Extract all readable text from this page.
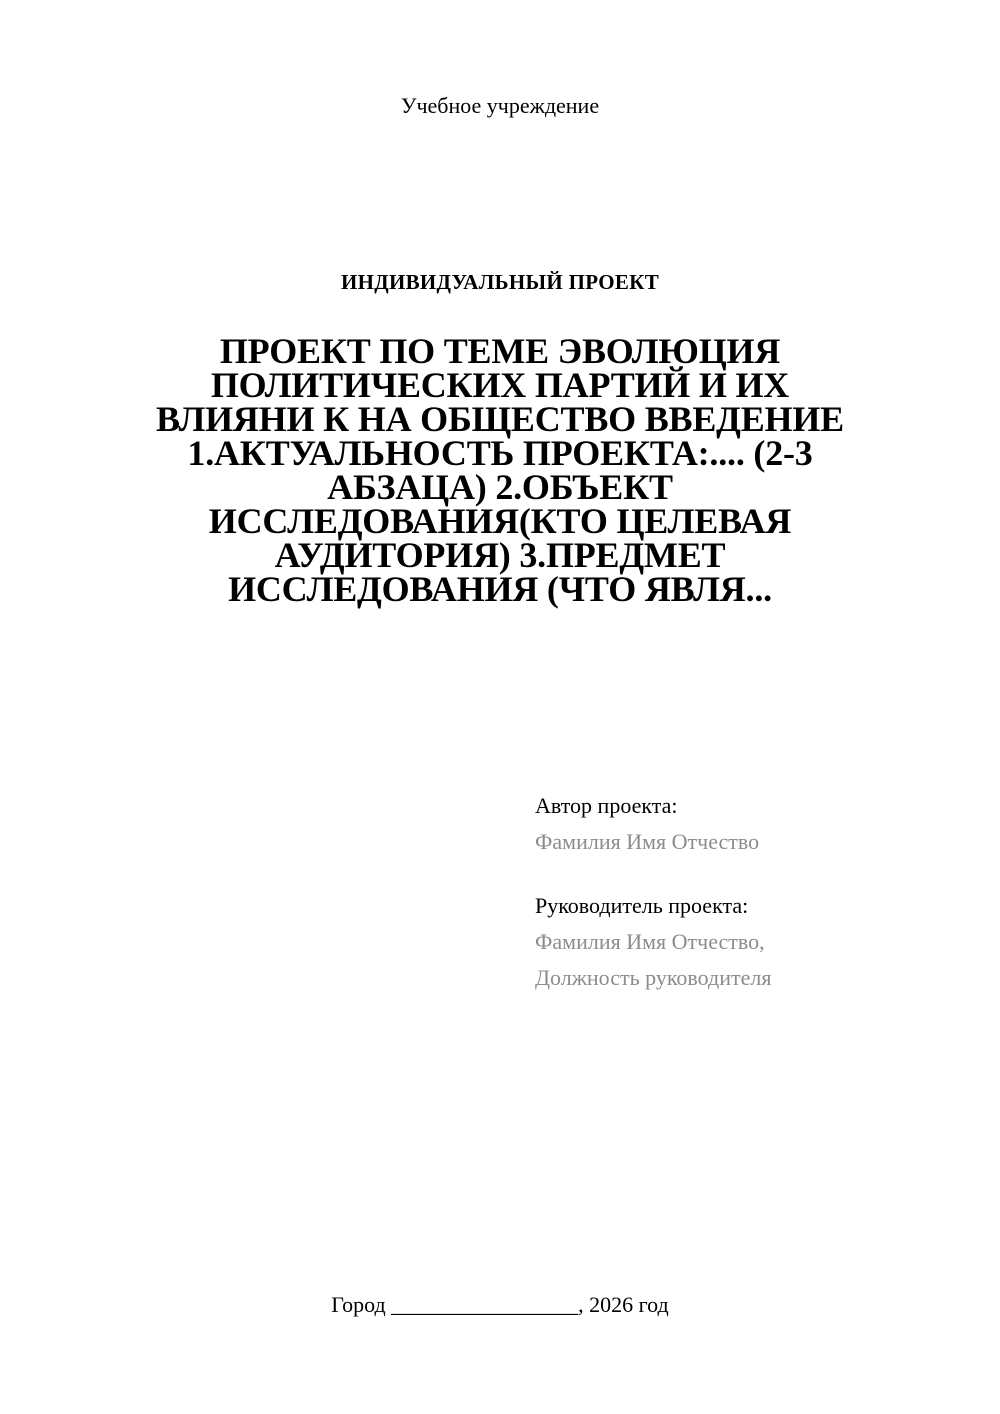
Учебное учреждение
ИНДИВИДУАЛЬНЫЙ ПРОЕКТ
ПРОЕКТ ПО ТЕМЕ ЭВОЛЮЦИЯ
ПОЛИТИЧЕСКИХ ПАРТИЙ И ИХ
ВЛИЯНИ К НА ОБЩЕСТВО ВВЕДЕНИЕ
1.АКТУАЛЬНОСТЬ ПРОЕКТА:.... (2-3
АБЗАЦА) 2.ОБЪЕКТ
ИССЛЕДОВАНИЯ(КТО ЦЕЛЕВАЯ
АУДИТОРИЯ) 3.ПРЕДМЕТ
ИССЛЕДОВАНИЯ (ЧТО ЯВЛЯ...
Автор проекта:
Фамилия Имя Отчество
Руководитель проекта:
Фамилия Имя Отчество,
Должность руководителя
Город _________________, 2026 год
